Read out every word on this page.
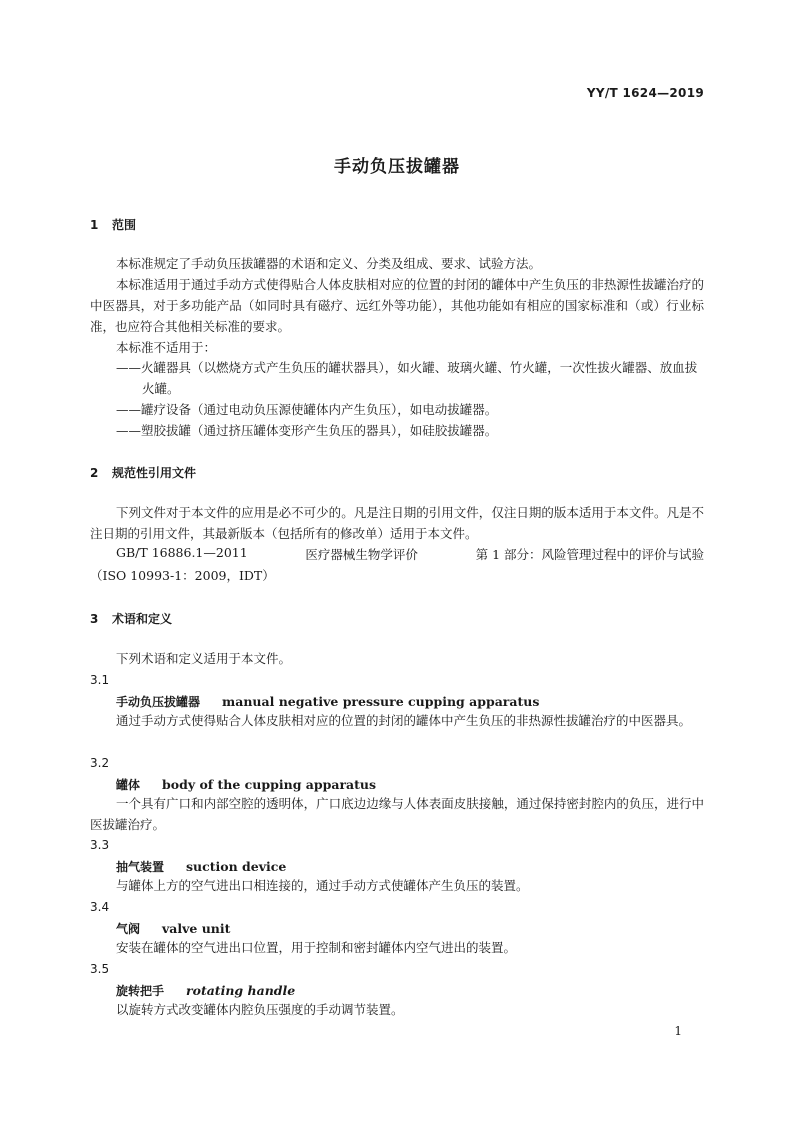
YY/T 1624—2019
手动负压拔罐器
1 范围
本标准规定了手动负压拔罐器的术语和定义、分类及组成、要求、试验方法。
本标准适用于通过手动方式使得贴合人体皮肤相对应的位置的封闭的罐体中产生负压的非热源性拔罐治疗的中医器具，对于多功能产品（如同时具有磁疗、远红外等功能），其他功能如有相应的国家标准和（或）行业标准，也应符合其他相关标准的要求。
本标准不适用于：
——火罐器具（以燃烧方式产生负压的罐状器具），如火罐、玻璃火罐、竹火罐，一次性拔火罐器、放血拔火罐。
——罐疗设备（通过电动负压源使罐体内产生负压），如电动拔罐器。
——塑胶拔罐（通过挤压罐体变形产生负压的器具），如硅胶拔罐器。
2 规范性引用文件
下列文件对于本文件的应用是必不可少的。凡是注日期的引用文件，仅注日期的版本适用于本文件。凡是不注日期的引用文件，其最新版本（包括所有的修改单）适用于本文件。
GB/T 16886.1—2011	医疗器械生物学评价	第 1 部分：风险管理过程中的评价与试验
（ISO 10993-1：2009，IDT）
3 术语和定义
下列术语和定义适用于本文件。
3.1
手动负压拔罐器 manual negative pressure cupping apparatus
通过手动方式使得贴合人体皮肤相对应的位置的封闭的罐体中产生负压的非热源性拔罐治疗的中医器具。
3.2
罐体 body of the cupping apparatus
一个具有广口和内部空腔的透明体，广口底边边缘与人体表面皮肤接触，通过保持密封腔内的负压，进行中医拔罐治疗。
3.3
抽气装置 suction device
与罐体上方的空气进出口相连接的，通过手动方式使罐体产生负压的装置。
3.4
气阀 valve unit
安装在罐体的空气进出口位置，用于控制和密封罐体内空气进出的装置。
3.5
旋转把手 rotating handle
以旋转方式改变罐体内腔负压强度的手动调节装置。
1
